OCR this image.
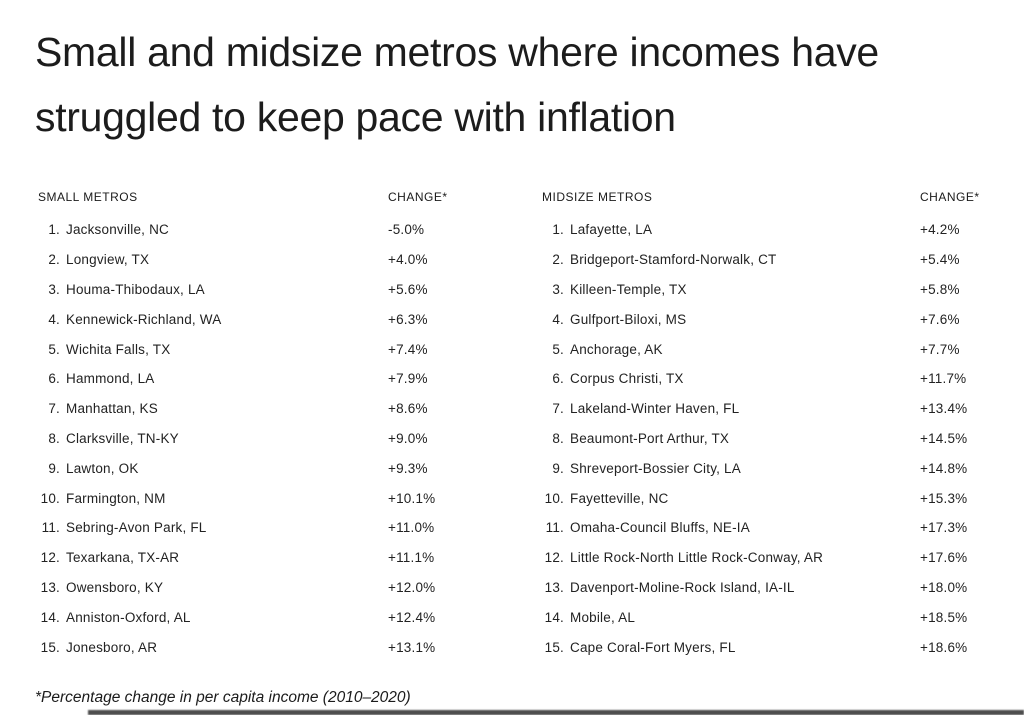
Small and midsize metros where incomes have
struggled to keep pace with inflation
SMALL METROS	CHANGE*
1. Jacksonville, NC	-5.0%
2. Longview, TX	+4.0%
3. Houma-Thibodaux, LA	+5.6%
4. Kennewick-Richland, WA	+6.3%
5. Wichita Falls, TX	+7.4%
6. Hammond, LA	+7.9%
7. Manhattan, KS	+8.6%
8. Clarksville, TN-KY	+9.0%
9. Lawton, OK	+9.3%
10. Farmington, NM	+10.1%
11. Sebring-Avon Park, FL	+11.0%
12. Texarkana, TX-AR	+11.1%
13. Owensboro, KY	+12.0%
14. Anniston-Oxford, AL	+12.4%
15. Jonesboro, AR	+13.1%
MIDSIZE METROS	CHANGE*
1. Lafayette, LA	+4.2%
2. Bridgeport-Stamford-Norwalk, CT	+5.4%
3. Killeen-Temple, TX	+5.8%
4. Gulfport-Biloxi, MS	+7.6%
5. Anchorage, AK	+7.7%
6. Corpus Christi, TX	+11.7%
7. Lakeland-Winter Haven, FL	+13.4%
8. Beaumont-Port Arthur, TX	+14.5%
9. Shreveport-Bossier City, LA	+14.8%
10. Fayetteville, NC	+15.3%
11. Omaha-Council Bluffs, NE-IA	+17.3%
12. Little Rock-North Little Rock-Conway, AR	+17.6%
13. Davenport-Moline-Rock Island, IA-IL	+18.0%
14. Mobile, AL	+18.5%
15. Cape Coral-Fort Myers, FL	+18.6%
*Percentage change in per capita income (2010–2020)
